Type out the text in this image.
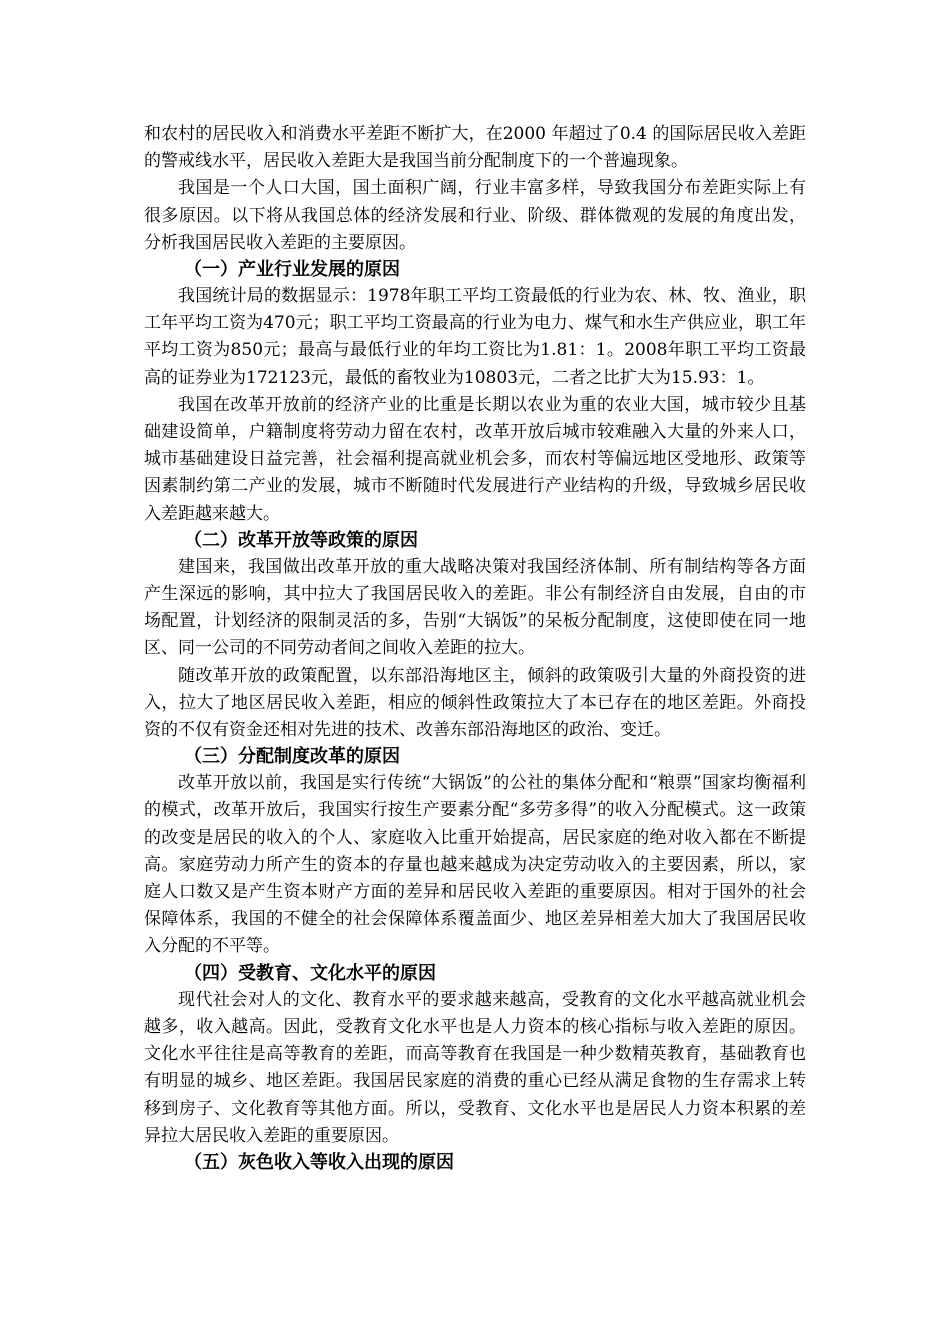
和农村的居民收入和消费水平差距不断扩大，在2000 年超过了0.4 的国际居民收入差距的警戒线水平，居民收入差距大是我国当前分配制度下的一个普遍现象。

我国是一个人口大国，国土面积广阔，行业丰富多样，导致我国分布差距实际上有很多原因。以下将从我国总体的经济发展和行业、阶级、群体微观的发展的角度出发，分析我国居民收入差距的主要原因。

（一）产业行业发展的原因

我国统计局的数据显示：1978年职工平均工资最低的行业为农、林、牧、渔业，职工年平均工资为470元；职工平均工资最高的行业为电力、煤气和水生产供应业，职工年平均工资为850元；最高与最低行业的年均工资比为1.81：1。2008年职工平均工资最高的证券业为172123元，最低的畜牧业为10803元，二者之比扩大为15.93：1。

我国在改革开放前的经济产业的比重是长期以农业为重的农业大国，城市较少且基础建设简单，户籍制度将劳动力留在农村，改革开放后城市较难融入大量的外来人口，城市基础建设日益完善，社会福利提高就业机会多，而农村等偏远地区受地形、政策等因素制约第二产业的发展，城市不断随时代发展进行产业结构的升级，导致城乡居民收入差距越来越大。

（二）改革开放等政策的原因

建国来，我国做出改革开放的重大战略决策对我国经济体制、所有制结构等各方面产生深远的影响，其中拉大了我国居民收入的差距。非公有制经济自由发展，自由的市场配置，计划经济的限制灵活的多，告别“大锅饭”的呆板分配制度，这使即使在同一地区、同一公司的不同劳动者间之间收入差距的拉大。

随改革开放的政策配置，以东部沿海地区主，倾斜的政策吸引大量的外商投资的进入，拉大了地区居民收入差距，相应的倾斜性政策拉大了本已存在的地区差距。外商投资的不仅有资金还相对先进的技术、改善东部沿海地区的政治、变迁。

（三）分配制度改革的原因

改革开放以前，我国是实行传统“大锅饭”的公社的集体分配和“粮票”国家均衡福利的模式，改革开放后，我国实行按生产要素分配“多劳多得”的收入分配模式。这一政策的改变是居民的收入的个人、家庭收入比重开始提高，居民家庭的绝对收入都在不断提高。家庭劳动力所产生的资本的存量也越来越成为决定劳动收入的主要因素，所以，家庭人口数又是产生资本财产方面的差异和居民收入差距的重要原因。相对于国外的社会保障体系，我国的不健全的社会保障体系覆盖面少、地区差异相差大加大了我国居民收入分配的不平等。

（四）受教育、文化水平的原因

现代社会对人的文化、教育水平的要求越来越高，受教育的文化水平越高就业机会越多，收入越高。因此，受教育文化水平也是人力资本的核心指标与收入差距的原因。文化水平往往是高等教育的差距，而高等教育在我国是一种少数精英教育，基础教育也有明显的城乡、地区差距。我国居民家庭的消费的重心已经从满足食物的生存需求上转移到房子、文化教育等其他方面。所以，受教育、文化水平也是居民人力资本积累的差异拉大居民收入差距的重要原因。

（五）灰色收入等收入出现的原因
